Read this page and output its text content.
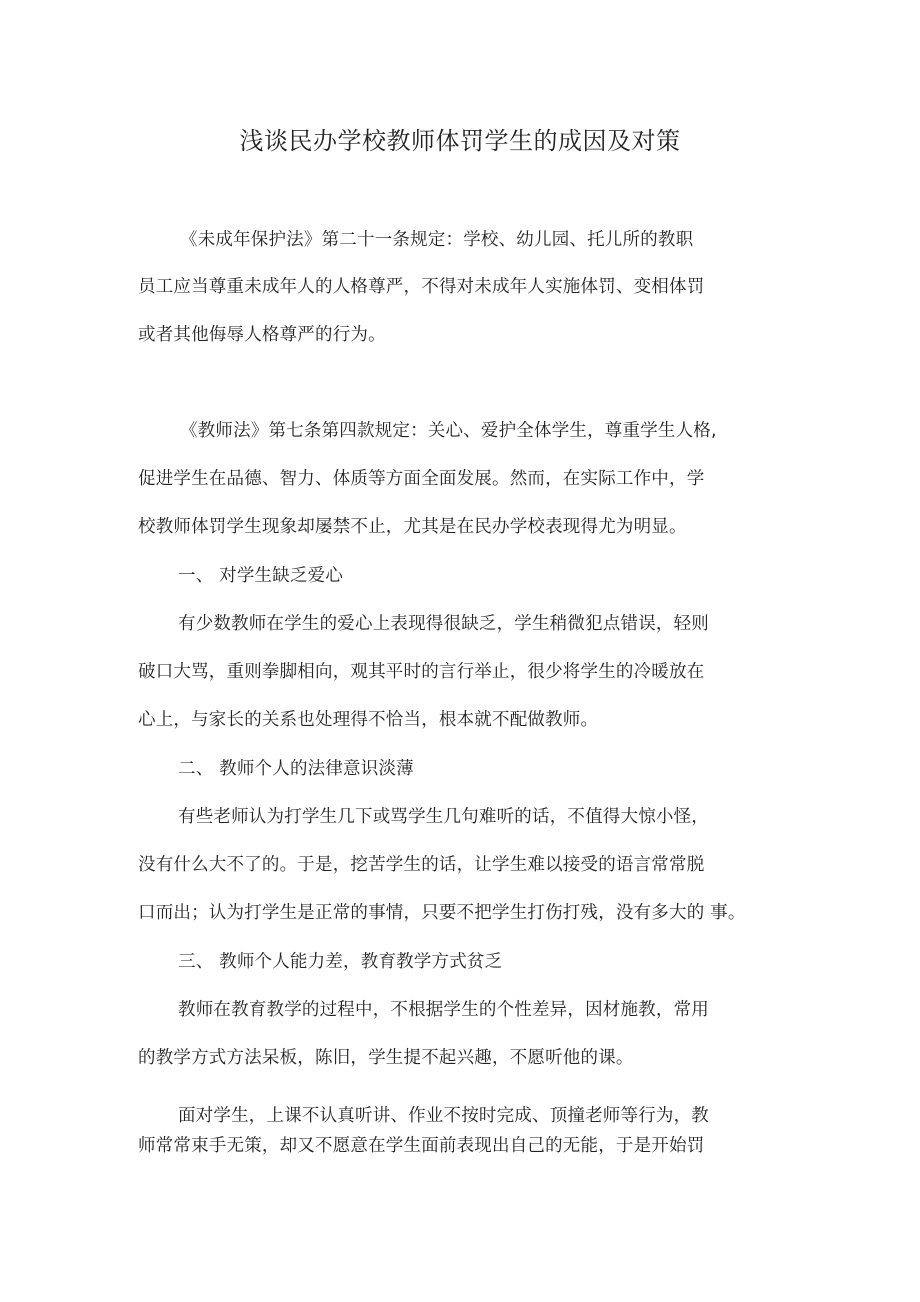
浅谈民办学校教师体罚学生的成因及对策
《未成年保护法》第二十一条规定：学校、幼儿园、托儿所的教职
员工应当尊重未成年人的人格尊严，不得对未成年人实施体罚、变相体罚
或者其他侮辱人格尊严的行为。
《教师法》第七条第四款规定：关心、爱护全体学生，尊重学生人格,
促进学生在品德、智力、体质等方面全面发展。然而，在实际工作中，学
校教师体罚学生现象却屡禁不止，尤其是在民办学校表现得尤为明显。
一、 对学生缺乏爱心
有少数教师在学生的爱心上表现得很缺乏，学生稍微犯点错误，轻则
破口大骂，重则拳脚相向，观其平时的言行举止，很少将学生的冷暖放在
心上，与家长的关系也处理得不恰当，根本就不配做教师。
二、 教师个人的法律意识淡薄
有些老师认为打学生几下或骂学生几句难听的话，不值得大惊小怪，
没有什么大不了的。于是，挖苦学生的话，让学生难以接受的语言常常脱
口而出；认为打学生是正常的事情，只要不把学生打伤打残，没有多大的 事。
三、 教师个人能力差，教育教学方式贫乏
教师在教育教学的过程中，不根据学生的个性差异，因材施教，常用
的教学方式方法呆板，陈旧，学生提不起兴趣，不愿听他的课。
面对学生，上课不认真听讲、作业不按时完成、顶撞老师等行为，教
师常常束手无策，却又不愿意在学生面前表现出自己的无能，于是开始罚
